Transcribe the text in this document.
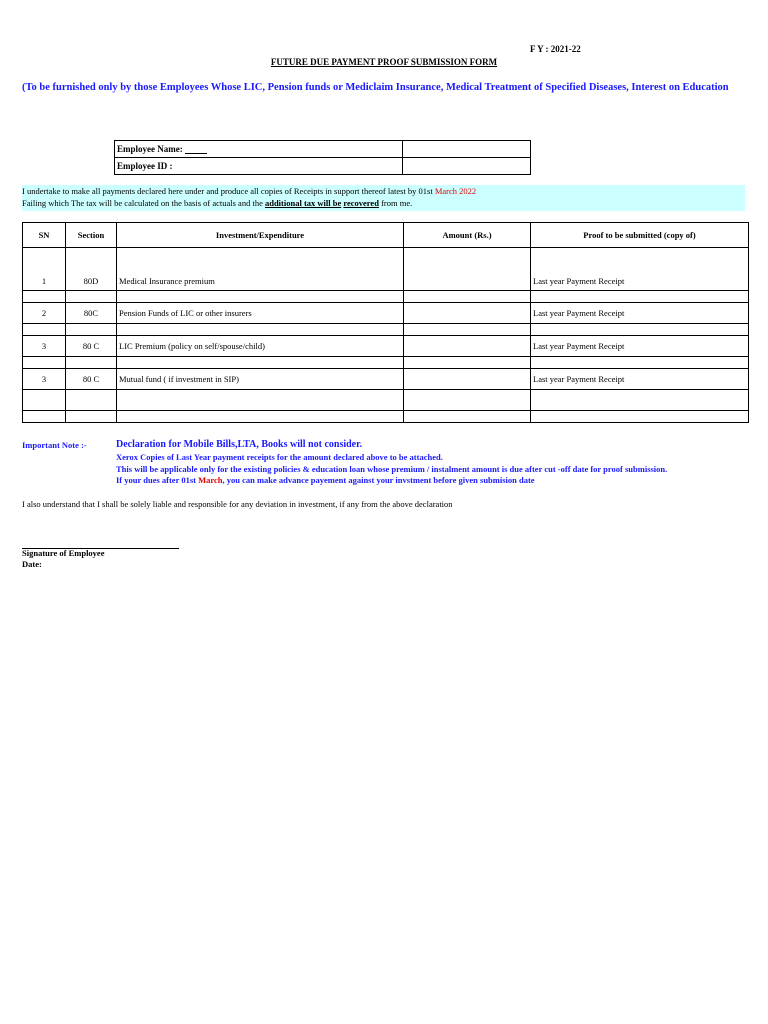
F Y : 2021-22
FUTURE DUE PAYMENT PROOF SUBMISSION FORM
(To be furnished only by those Employees Whose LIC, Pension funds or Mediclaim Insurance, Medical Treatment of Specified Diseases, Interest on Education
Employee Name:	
Employee ID :	
I undertake to make all payments declared here under and produce all copies of Receipts in support thereof latest by 01st March 2022
Failing which The tax will be calculated on the basis of actuals and the additional tax will be recovered from me.
SN	Section	Investment/Expenditure	Amount (Rs.)	Proof to be submitted (copy of)
1	80D	Medical Insurance premium		Last year Payment Receipt

2	80C	Pension Funds of LIC or other insurers		Last year Payment Receipt

3	80 C	LIC Premium (policy on self/spouse/child)		Last year Payment Receipt

3	80 C	Mutual fund ( if investment in SIP)		Last year Payment Receipt

Important Note :-	Declaration for Mobile Bills,LTA, Books will not consider.
Xerox Copies of Last Year payment receipts for the amount declared above to be attached.
This will be applicable only for the existing policies & education loan whose premium / instalment amount is due after cut -off date for proof submission.
If your dues after 01st March, you can make advance payement against your invstment before given submision date
I also understand that I shall be solely liable and responsible for any deviation in investment, if any from the above declaration
Signature of Employee
Date:
